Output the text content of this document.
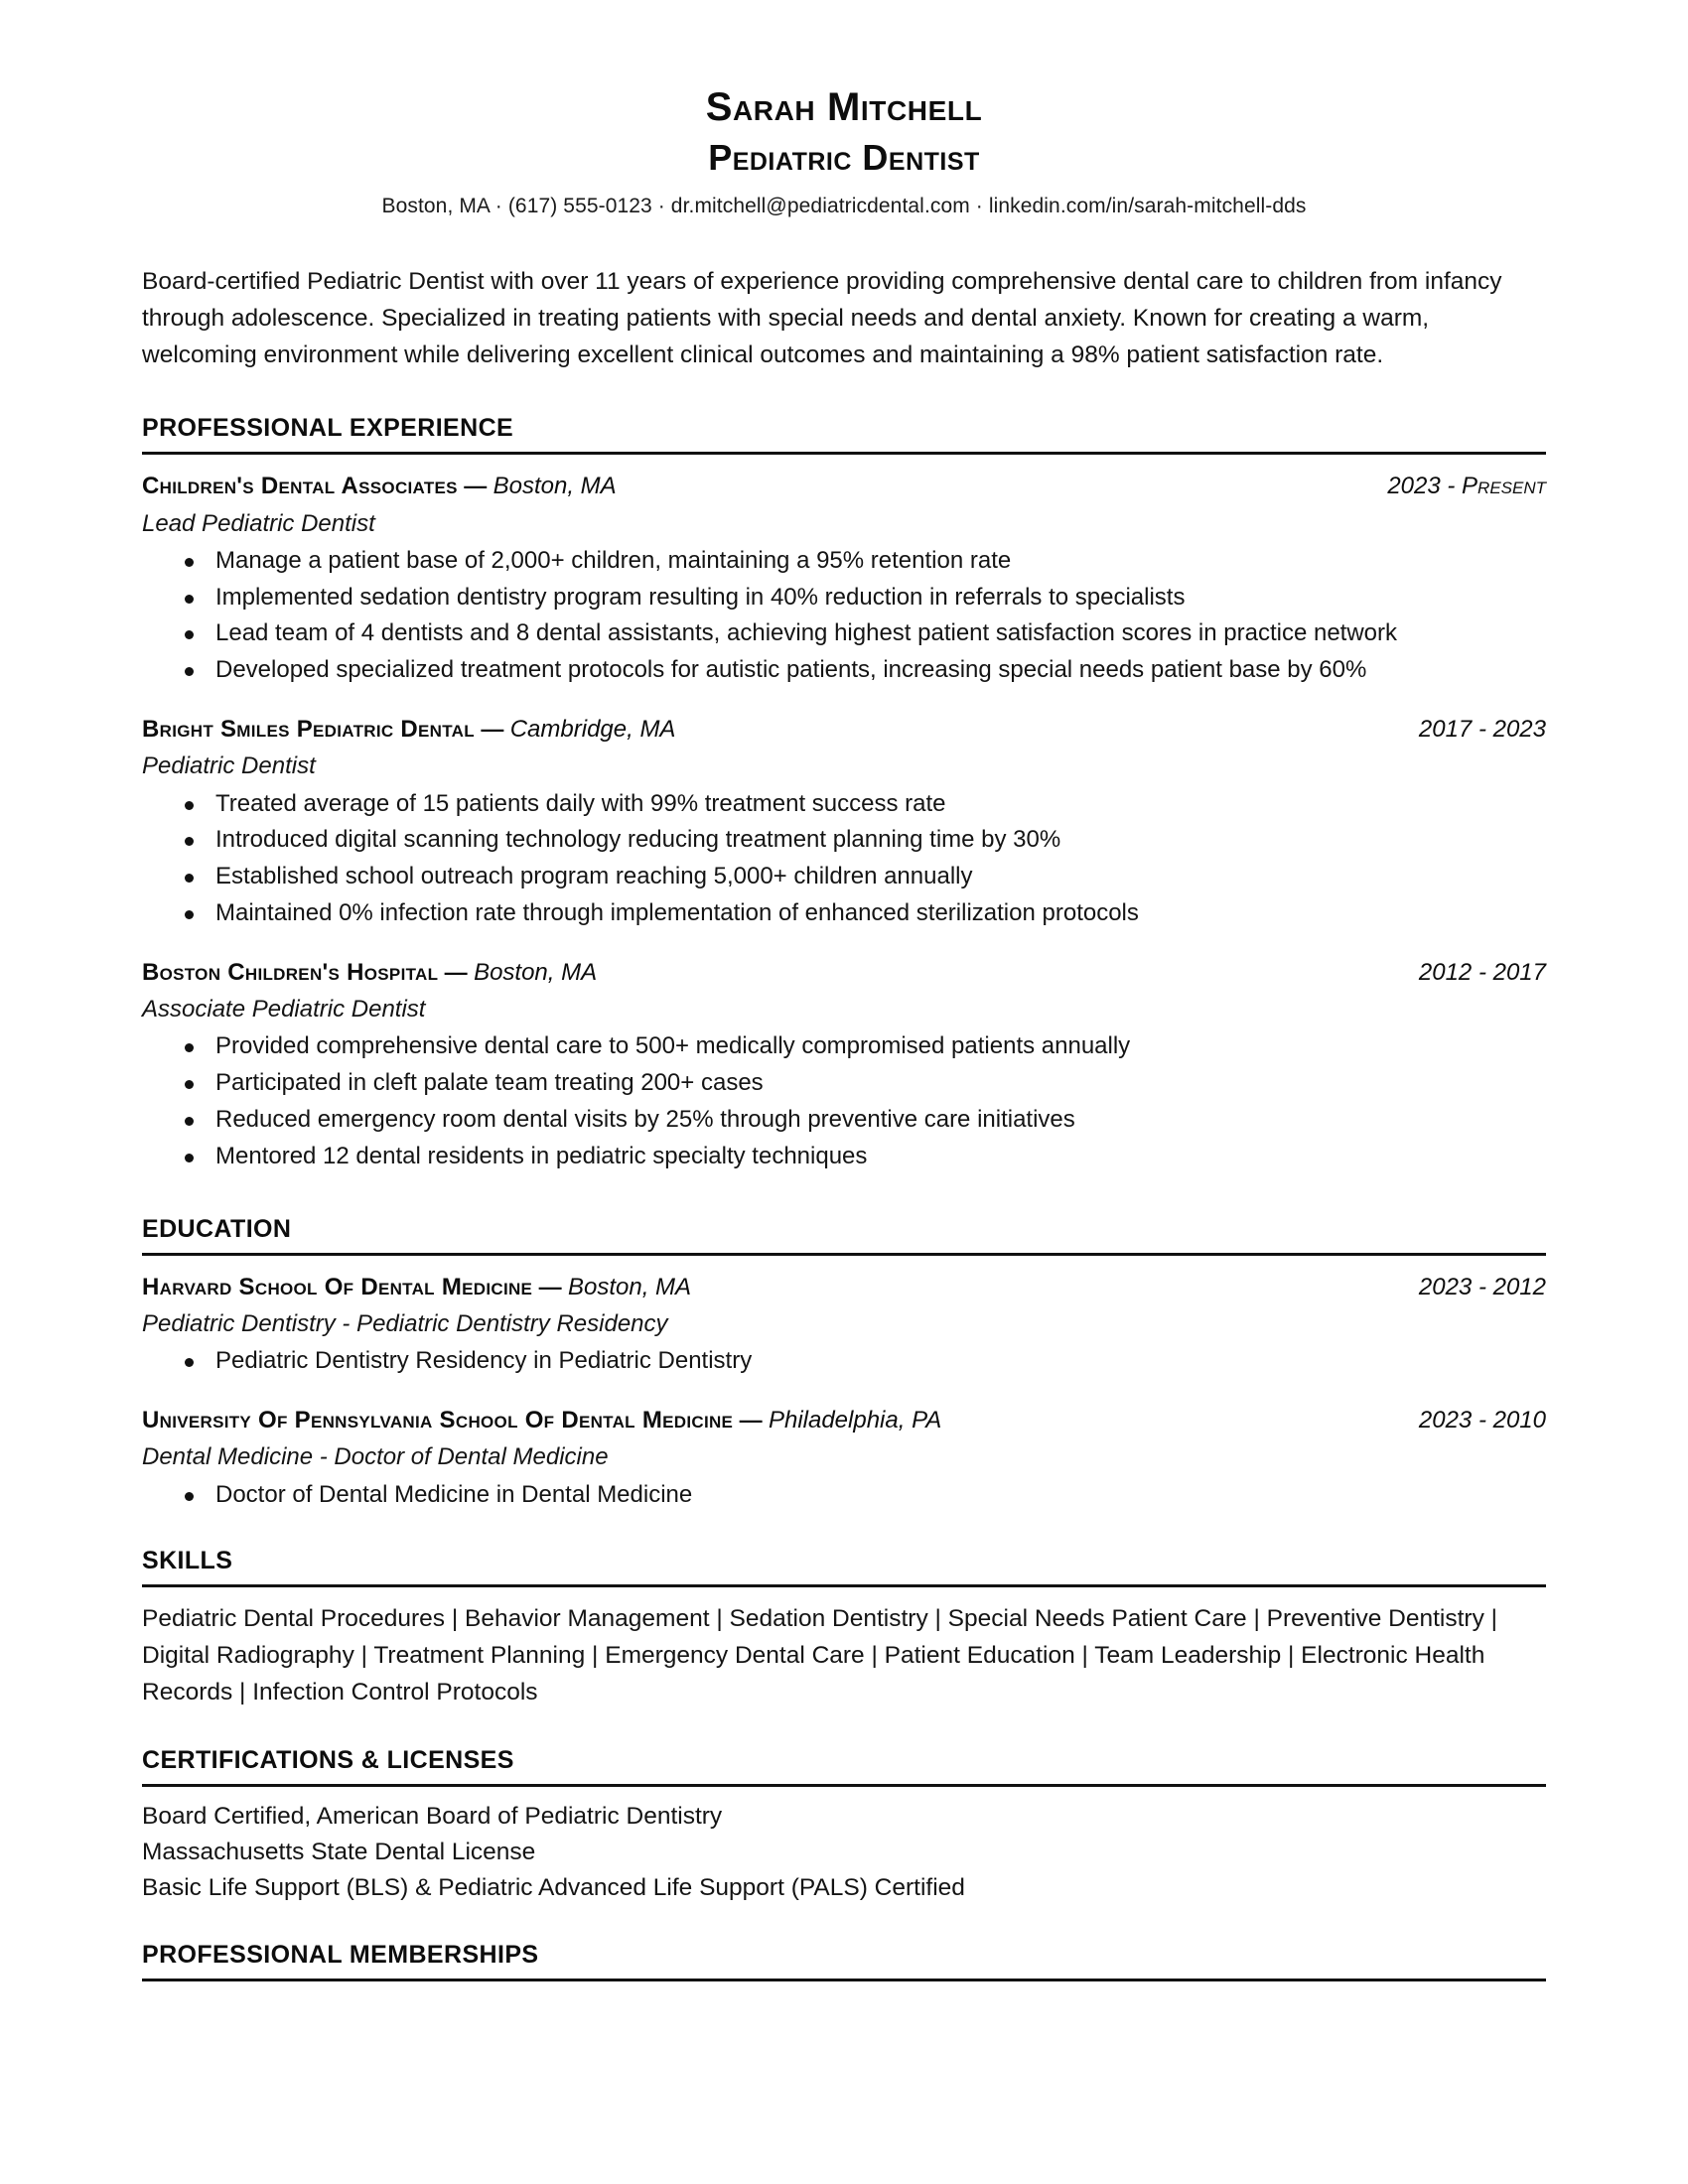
Sarah Mitchell
Pediatric Dentist
Boston, MA · (617) 555-0123 · dr.mitchell@pediatricdental.com · linkedin.com/in/sarah-mitchell-dds

Board-certified Pediatric Dentist with over 11 years of experience providing comprehensive dental care to children from infancy through adolescence. Specialized in treating patients with special needs and dental anxiety. Known for creating a warm, welcoming environment while delivering excellent clinical outcomes and maintaining a 98% patient satisfaction rate.

PROFESSIONAL EXPERIENCE
Children's Dental Associates — Boston, MA	2023 - Present
Lead Pediatric Dentist
Manage a patient base of 2,000+ children, maintaining a 95% retention rate
Implemented sedation dentistry program resulting in 40% reduction in referrals to specialists
Lead team of 4 dentists and 8 dental assistants, achieving highest patient satisfaction scores in practice network
Developed specialized treatment protocols for autistic patients, increasing special needs patient base by 60%
Bright Smiles Pediatric Dental — Cambridge, MA	2017 - 2023
Pediatric Dentist
Treated average of 15 patients daily with 99% treatment success rate
Introduced digital scanning technology reducing treatment planning time by 30%
Established school outreach program reaching 5,000+ children annually
Maintained 0% infection rate through implementation of enhanced sterilization protocols
Boston Children's Hospital — Boston, MA	2012 - 2017
Associate Pediatric Dentist
Provided comprehensive dental care to 500+ medically compromised patients annually
Participated in cleft palate team treating 200+ cases
Reduced emergency room dental visits by 25% through preventive care initiatives
Mentored 12 dental residents in pediatric specialty techniques
EDUCATION
Harvard School Of Dental Medicine — Boston, MA	2023 - 2012
Pediatric Dentistry - Pediatric Dentistry Residency
Pediatric Dentistry Residency in Pediatric Dentistry
University Of Pennsylvania School Of Dental Medicine — Philadelphia, PA	2023 - 2010
Dental Medicine - Doctor of Dental Medicine
Doctor of Dental Medicine in Dental Medicine
SKILLS
Pediatric Dental Procedures | Behavior Management | Sedation Dentistry | Special Needs Patient Care | Preventive Dentistry | Digital Radiography | Treatment Planning | Emergency Dental Care | Patient Education | Team Leadership | Electronic Health Records | Infection Control Protocols
CERTIFICATIONS & LICENSES
Board Certified, American Board of Pediatric Dentistry
Massachusetts State Dental License
Basic Life Support (BLS) & Pediatric Advanced Life Support (PALS) Certified
PROFESSIONAL MEMBERSHIPS
